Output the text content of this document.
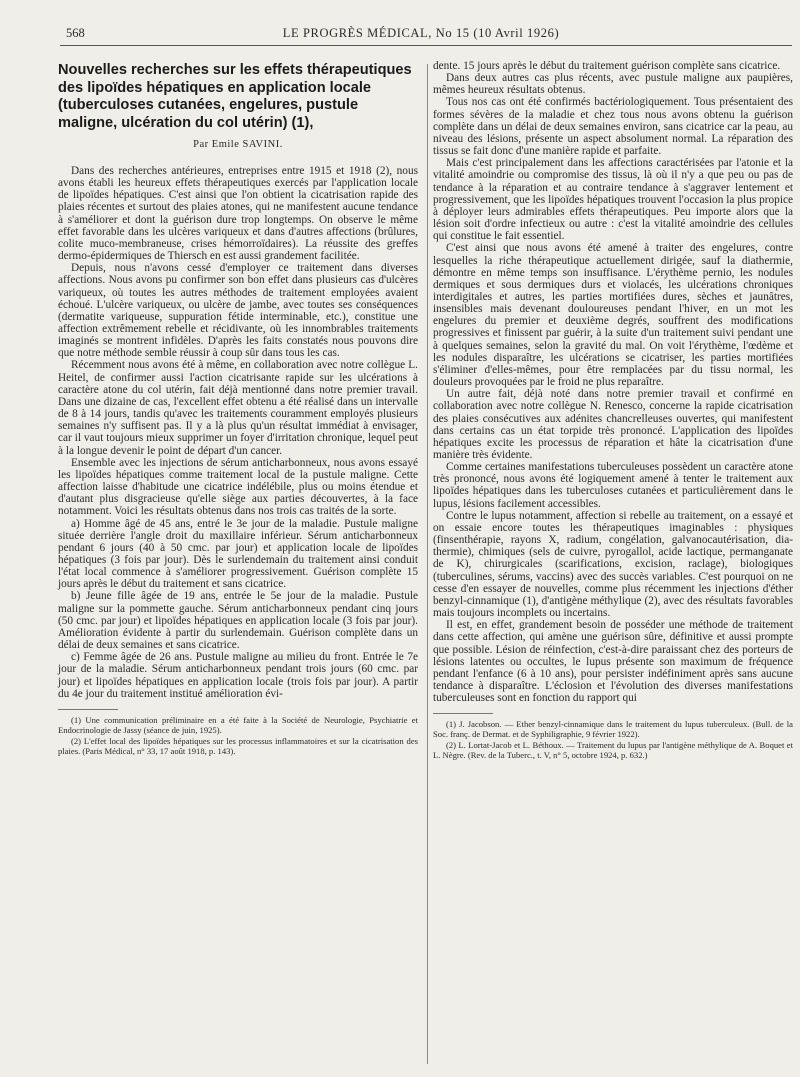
568	LE PROGRÈS MÉDICAL, No 15 (10 Avril 1926)

Nouvelles recherches sur les effets thérapeutiques des lipoïdes hépatiques en application locale (tuberculoses cutanées, engelures, pustule maligne, ulcération du col utérin) (1),

Par Emile SAVINI.

Dans des recherches antérieures, entreprises entre 1915 et 1918 (2), nous avons établi les heureux effets thérapeutiques exercés par l'application locale de lipoïdes hépatiques. C'est ainsi que l'on obtient la cicatrisation rapide des plaies récentes et surtout des plaies atones, qui ne manifestent aucune tendance à s'améliorer et dont la guérison dure trop longtemps. On observe le même effet favorable dans les ulcères variqueux et dans d'autres affections (brûlures, colite muco-membraneuse, crises hémorroïdaires). La réussite des greffes dermo-épidermiques de Thiersch en est aussi grandement facilitée.

Depuis, nous n'avons cessé d'employer ce traitement dans diverses affections. Nous avons pu confirmer son bon effet dans plusieurs cas d'ulcères variqueux, où toutes les autres méthodes de traitement employées avaient échoué. L'ulcère variqueux, ou ulcère de jambe, avec toutes ses conséquences (dermatite variqueuse, suppuration fétide interminable, etc.), constitue une affection extrêmement rebelle et récidivante, où les innombrables traitements imaginés se montrent infidèles. D'après les faits constatés nous pouvons dire que notre méthode semble réussir à coup sûr dans tous les cas.

Récemment nous avons été à même, en collaboration avec notre collègue L. Heitel, de confirmer aussi l'action cicatrisante rapide sur les ulcérations à caractère atone du col utérin, fait déjà mentionné dans notre premier travail. Dans une dizaine de cas, l'excellent effet obtenu a été réalisé dans un intervalle de 8 à 14 jours, tandis qu'avec les traitements couramment employés plusieurs semaines n'y suffisent pas. Il y a là plus qu'un résultat immédiat à envisager, car il vaut toujours mieux supprimer un foyer d'irritation chronique, lequel peut à la longue devenir le point de départ d'un cancer.

Ensemble avec les injections de sérum anticharbonneux, nous avons essayé les lipoïdes hépatiques comme traitement local de la pustule maligne. Cette affection laisse d'habitude une cicatrice indélébile, plus ou moins étendue et d'autant plus disgracieuse qu'elle siège aux parties découvertes, à la face notamment. Voici les résultats obtenus dans nos trois cas traités de la sorte.

a) Homme âgé de 45 ans, entré le 3e jour de la maladie. Pustule maligne située derrière l'angle droit du maxillaire inférieur. Sérum anticharbonneux pendant 6 jours (40 à 50 cmc. par jour) et application locale de lipoïdes hépatiques (3 fois par jour). Dès le surlendemain du traitement ainsi conduit l'état local commence à s'améliorer progressivement. Guérison complète 15 jours après le début du traitement et sans cicatrice.

b) Jeune fille âgée de 19 ans, entrée le 5e jour de la maladie. Pustule maligne sur la pommette gauche. Sérum anticharbonneux pendant cinq jours (50 cmc. par jour) et lipoïdes hépatiques en application locale (3 fois par jour). Amélioration évidente à partir du surlendemain. Guérison complète dans un délai de deux semaines et sans cicatrice.

c) Femme âgée de 26 ans. Pustule maligne au milieu du front. Entrée le 7e jour de la maladie. Sérum anticharbonneux pendant trois jours (60 cmc. par jour) et lipoïdes hépatiques en application locale (trois fois par jour). A partir du 4e jour du traitement institué amélioration évi-

(1) Une communication préliminaire en a été faite à la Société de Neurologie, Psychiatrie et Endocrinologie de Jassy (séance de juin, 1925).

(2) L'effet local des lipoïdes hépatiques sur les processus inflammatoires et sur la cicatrisation des plaies. (Paris Médical, n° 33, 17 août 1918, p. 143).

dente. 15 jours après le début du traitement guérison complète sans cicatrice.

Dans deux autres cas plus récents, avec pustule maligne aux paupières, mêmes heureux résultats obtenus.

Tous nos cas ont été confirmés bactériologiquement. Tous présentaient des formes sévères de la maladie et chez tous nous avons obtenu la guérison complète dans un délai de deux semaines environ, sans cicatrice car la peau, au niveau des lésions, présente un aspect absolument normal. La réparation des tissus se fait donc d'une manière rapide et parfaite.

Mais c'est principalement dans les affections caractérisées par l'atonie et la vitalité amoindrie ou compromise des tissus, là où il n'y a que peu ou pas de tendance à la réparation et au contraire tendance à s'aggraver lentement et progressivement, que les lipoïdes hépatiques trouvent l'occasion la plus propice à déployer leurs admirables effets thérapeutiques. Peu importe alors que la lésion soit d'ordre infectieux ou autre : c'est la vitalité amoindrie des cellules qui constitue le fait essentiel.

C'est ainsi que nous avons été amené à traiter des engelures, contre lesquelles la riche thérapeutique actuellement dirigée, sauf la diathermie, démontre en même temps son insuffisance. L'érythème pernio, les nodules dermiques et sous dermiques durs et violacés, les ulcérations chroniques interdigitales et autres, les parties mortifiées dures, sèches et jaunâtres, insensibles mais devenant douloureuses pendant l'hiver, en un mot les engelures du premier et deuxième degrés, souffrent des modifications progressives et finissent par guérir, à la suite d'un traitement suivi pendant une à quelques semaines, selon la gravité du mal. On voit l'érythème, l'œdème et les nodules disparaître, les ulcérations se cicatriser, les parties mortifiées s'éliminer d'elles-mêmes, pour être remplacées par du tissu normal, les douleurs provoquées par le froid ne plus reparaître.

Un autre fait, déjà noté dans notre premier travail et confirmé en collaboration avec notre collègue N. Renesco, concerne la rapide cicatrisation des plaies consécutives aux adénites chancrelleuses ouvertes, qui manifestent dans certains cas un état torpide très prononcé. L'application des lipoïdes hépatiques excite les processus de réparation et hâte la cicatrisation d'une manière très évidente.

Comme certaines manifestations tuberculeuses possèdent un caractère atone très prononcé, nous avons été logiquement amené à tenter le traitement aux lipoïdes hépatiques dans les tuberculoses cutanées et particulièrement dans le lupus, lésions facilement accessibles.

Contre le lupus notamment, affection si rebelle au traitement, on a essayé et on essaie encore toutes les thérapeutiques imaginables : physiques (finsenthérapie, rayons X, radium, congélation, galvanocautérisation, diathermie), chimiques (sels de cuivre, pyrogallol, acide lactique, permanganate de K), chirurgicales (scarifications, excision, raclage), biologiques (tuberculines, sérums, vaccins) avec des succès variables. C'est pourquoi on ne cesse d'en essayer de nouvelles, comme plus récemment les injections d'éther benzyl-cinnamique (1), d'antigène méthylique (2), avec des résultats favorables mais toujours incomplets ou incertains.

Il est, en effet, grandement besoin de posséder une méthode de traitement dans cette affection, qui amène une guérison sûre, définitive et aussi prompte que possible. Lésion de réinfection, c'est-à-dire paraissant chez des porteurs de lésions latentes ou occultes, le lupus présente son maximum de fréquence pendant l'enfance (6 à 10 ans), pour persister indéfiniment après sans aucune tendance à disparaître. L'éclosion et l'évolution des diverses manifestations tuberculeuses sont en fonction du rapport qui

(1) J. Jacobson. — Ether benzyl-cinnamique dans le traitement du lupus tuberculeux. (Bull. de la Soc. franç. de Dermat. et de Syphiligraphie, 9 février 1922).

(2) L. Lortat-Jacob et L. Béthoux. — Traitement du lupus par l'antigène méthylique de A. Boquet et L. Nègre. (Rev. de la Tuberc., t. V, n° 5, octobre 1924, p. 632.)
